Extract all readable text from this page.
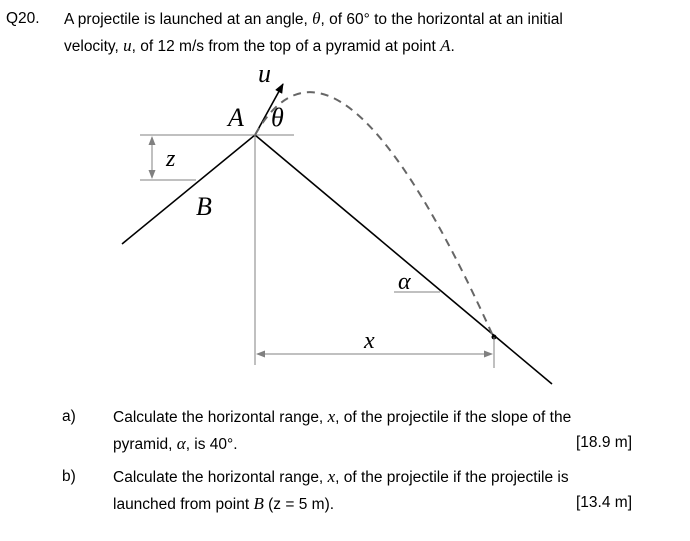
Q20. A projectile is launched at an angle, θ, of 60° to the horizontal at an initial
velocity, u, of 12 m/s from the top of a pyramid at point A.
u
A θ
z
B
α
x
a) Calculate the horizontal range, x, of the projectile if the slope of the
pyramid, α, is 40°.	[18.9 m]
b) Calculate the horizontal range, x, of the projectile if the projectile is
launched from point B (z = 5 m).	[13.4 m]
